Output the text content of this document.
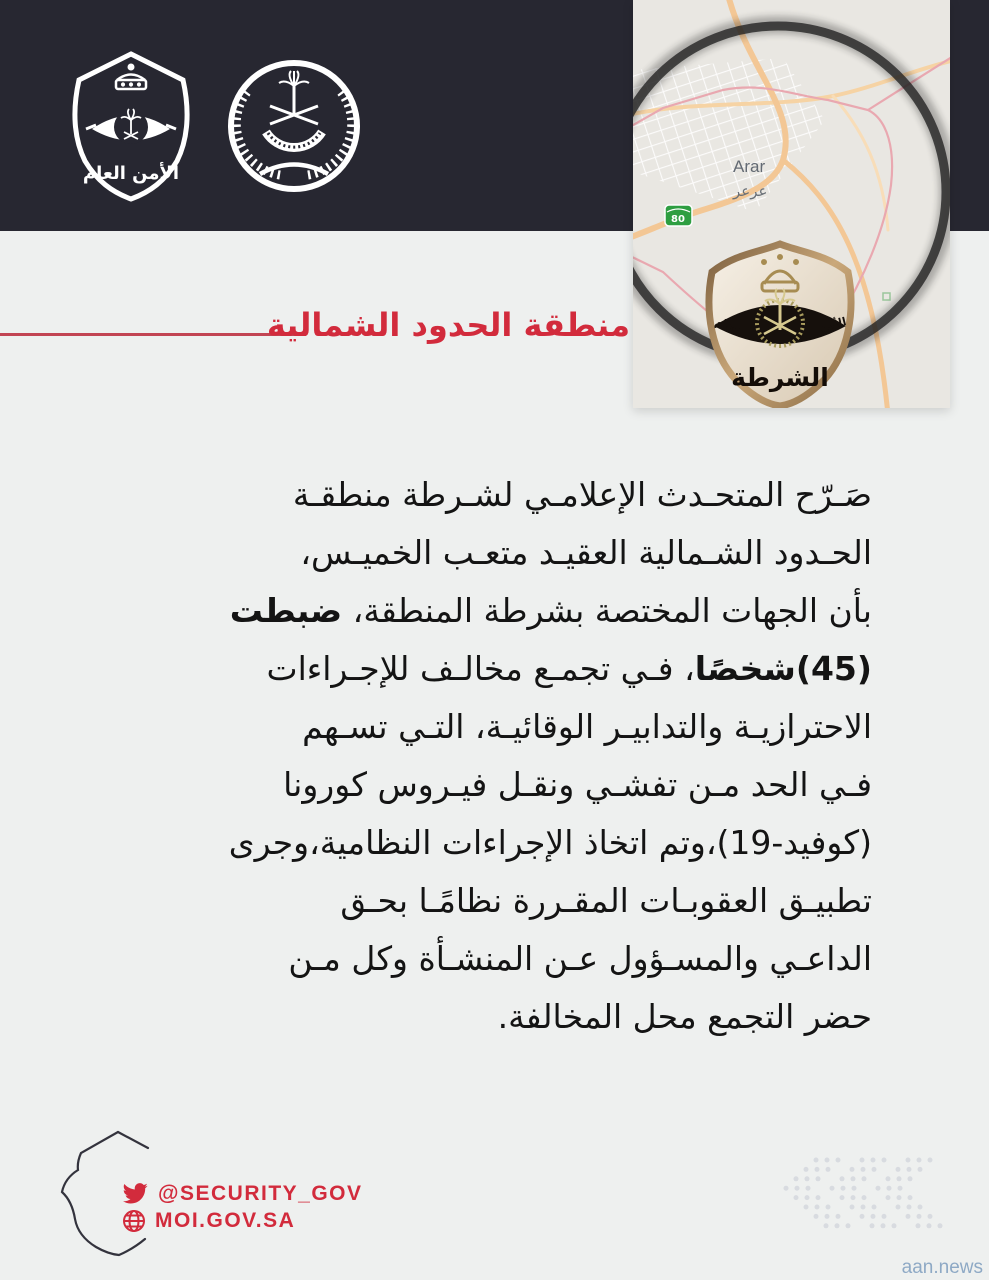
الأمن العام
80
Arar
عرعر
الأمن
العام
الشرطة
منطقة الحدود الشمالية
صَـرّح المتحـدث الإعلامـي لشـرطة منطقـة
الحـدود الشـمالية العقيـد متعـب الخميـس،
بأن الجهات المختصة بشرطة المنطقة، ضبطت
(45)شخصًا، فـي تجمـع مخالـف للإجـراءات
الاحترازيـة والتدابيـر الوقائيـة، التـي تسـهم
فـي الحد مـن تفشـي ونقـل فيـروس كورونا
(كوفيد-19)،وتم اتخاذ الإجراءات النظامية،وجرى
تطبيـق العقوبـات المقـررة نظامًـا بحـق
الداعـي والمسـؤول عـن المنشـأة وكل مـن
حضر التجمع محل المخالفة.
@SECURITY_GOV
MOI.GOV.SA
aan.news
